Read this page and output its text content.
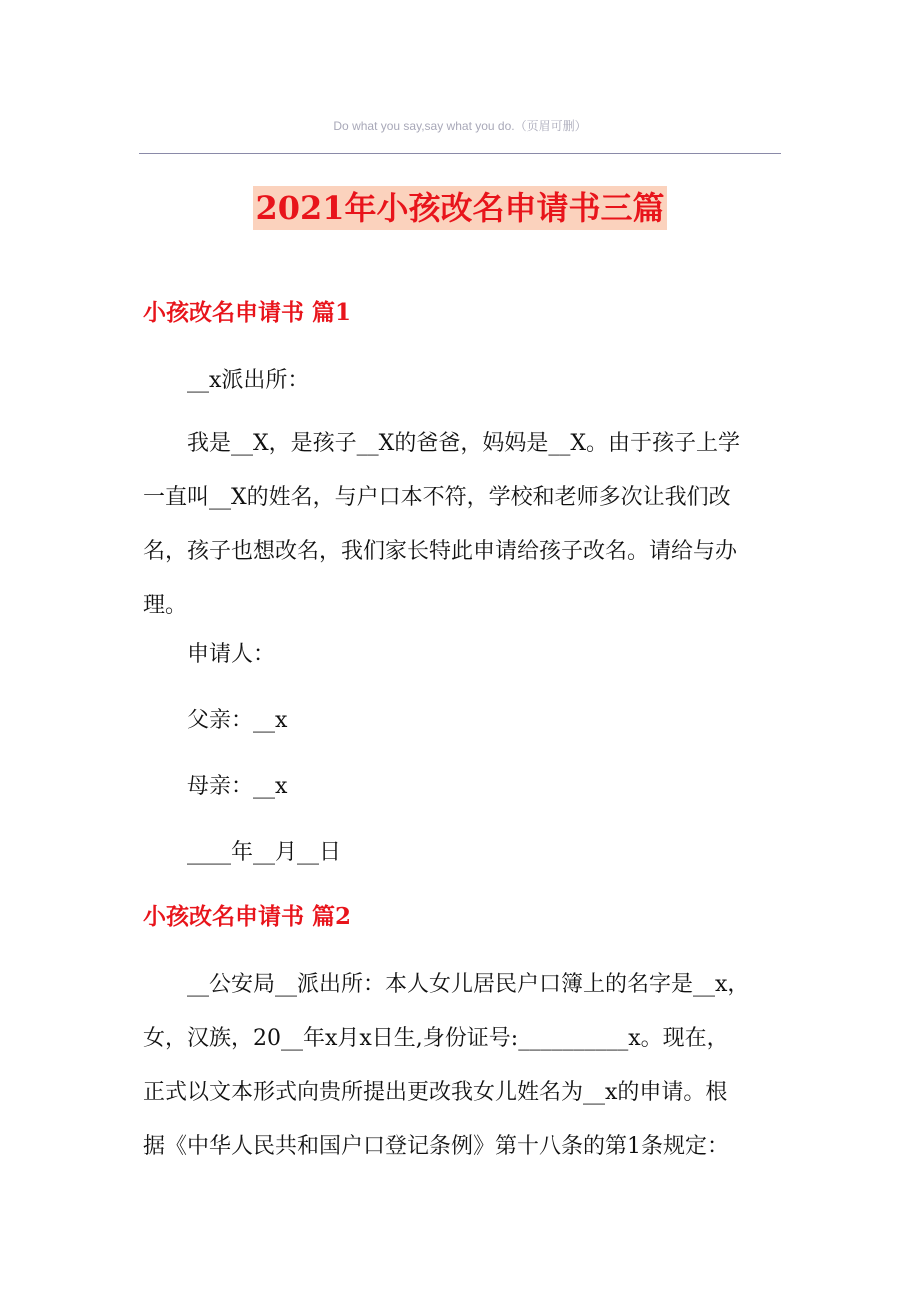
Do what you say,say what you do.（页眉可删）
2021年小孩改名申请书三篇
小孩改名申请书 篇1
__x派出所：
我是__X，是孩子__X的爸爸，妈妈是__X。由于孩子上学
一直叫__X的姓名，与户口本不符，学校和老师多次让我们改
名，孩子也想改名，我们家长特此申请给孩子改名。请给与办
理。
申请人：
父亲：__x
母亲：__x
____年__月__日
小孩改名申请书 篇2
__公安局__派出所：本人女儿居民户口簿上的名字是__x，
女，汉族，20__年x月x日生,身份证号:__________x。现在，
正式以文本形式向贵所提出更改我女儿姓名为__x的申请。根
据《中华人民共和国户口登记条例》第十八条的第1条规定：
